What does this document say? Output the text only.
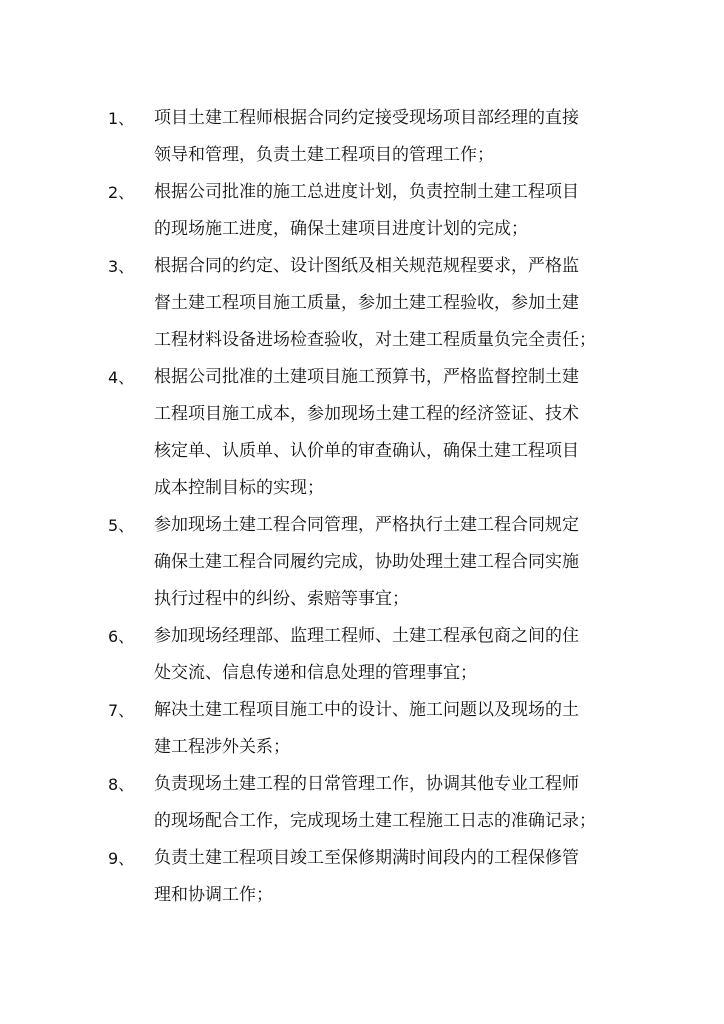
1、	项目土建工程师根据合同约定接受现场项目部经理的直接
领导和管理，负责土建工程项目的管理工作；
2、	根据公司批准的施工总进度计划，负责控制土建工程项目
的现场施工进度，确保土建项目进度计划的完成；
3、	根据合同的约定、设计图纸及相关规范规程要求，严格监
督土建工程项目施工质量，参加土建工程验收，参加土建
工程材料设备进场检查验收，对土建工程质量负完全责任；
4、	根据公司批准的土建项目施工预算书，严格监督控制土建
工程项目施工成本，参加现场土建工程的经济签证、技术
核定单、认质单、认价单的审查确认，确保土建工程项目
成本控制目标的实现；
5、	参加现场土建工程合同管理，严格执行土建工程合同规定
确保土建工程合同履约完成，协助处理土建工程合同实施
执行过程中的纠纷、索赔等事宜；
6、	参加现场经理部、监理工程师、土建工程承包商之间的住
处交流、信息传递和信息处理的管理事宜；
7、	解决土建工程项目施工中的设计、施工问题以及现场的土
建工程涉外关系；
8、	负责现场土建工程的日常管理工作，协调其他专业工程师
的现场配合工作，完成现场土建工程施工日志的准确记录；
9、	负责土建工程项目竣工至保修期满时间段内的工程保修管
理和协调工作；
